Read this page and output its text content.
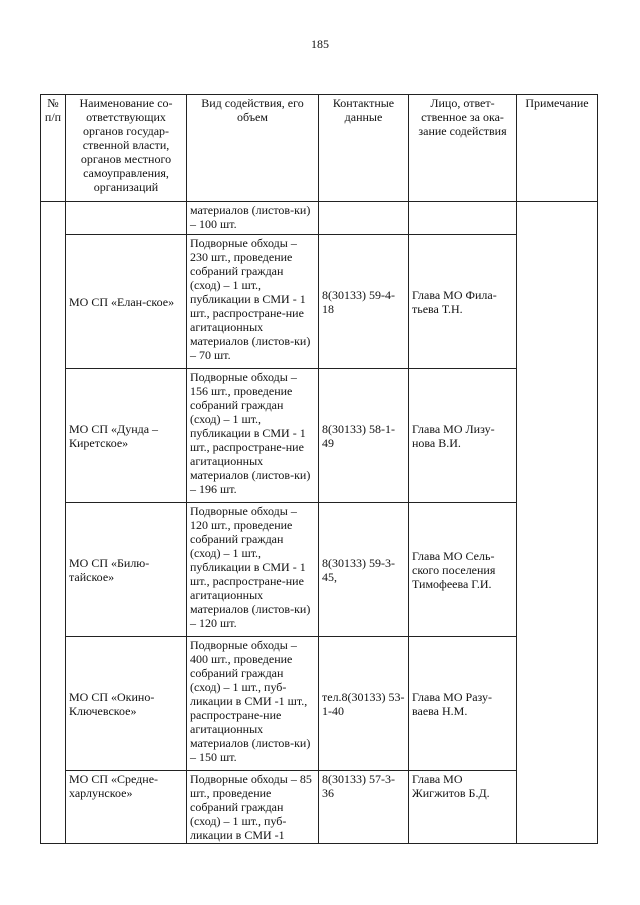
185
№ п/п	Наименование со-ответствующих органов государ-ственной власти, органов местного самоуправления, организаций	Вид содействия, его объем	Контактные данные	Лицо, ответ-ственное за ока-зание содействия	Примечание
		материалов (листов-ки) – 100 шт.			
	МО СП «Елан-ское»	Подворные обходы – 230 шт., проведение собраний граждан (сход) – 1 шт., публикации в СМИ - 1 шт., распростране-ние агитационных материалов (листов-ки) – 70 шт.	8(30133) 59-4-18	Глава МО Фила-тьева Т.Н.	
	МО СП «Дунда – Киретское»	Подворные обходы – 156 шт., проведение собраний граждан (сход) – 1 шт., публикации в СМИ - 1 шт., распростране-ние агитационных материалов (листов-ки) – 196 шт.	8(30133) 58-1-49	Глава МО Лизу-нова В.И.	
	МО СП «Билю-тайское»	Подворные обходы – 120 шт., проведение собраний граждан (сход) – 1 шт., публикации в СМИ - 1 шт., распростране-ние агитационных материалов (листов-ки) – 120 шт.	8(30133) 59-3-45,	Глава МО Сель-ского поселения Тимофеева Г.И.	
	МО СП «Окино-Ключевское»	Подворные обходы – 400 шт., проведение собраний граждан (сход) – 1 шт., пуб-ликации в СМИ -1 шт., распростране-ние агитационных материалов (листов-ки) – 150 шт.	тел.8(30133) 53-1-40	Глава МО Разу-ваева Н.М.	
	МО СП «Средне-харлунское»	Подворные обходы – 85 шт., проведение собраний граждан (сход) – 1 шт., пуб-ликации в СМИ -1	8(30133) 57-3-36	Глава МО Жигжитов Б.Д.	
